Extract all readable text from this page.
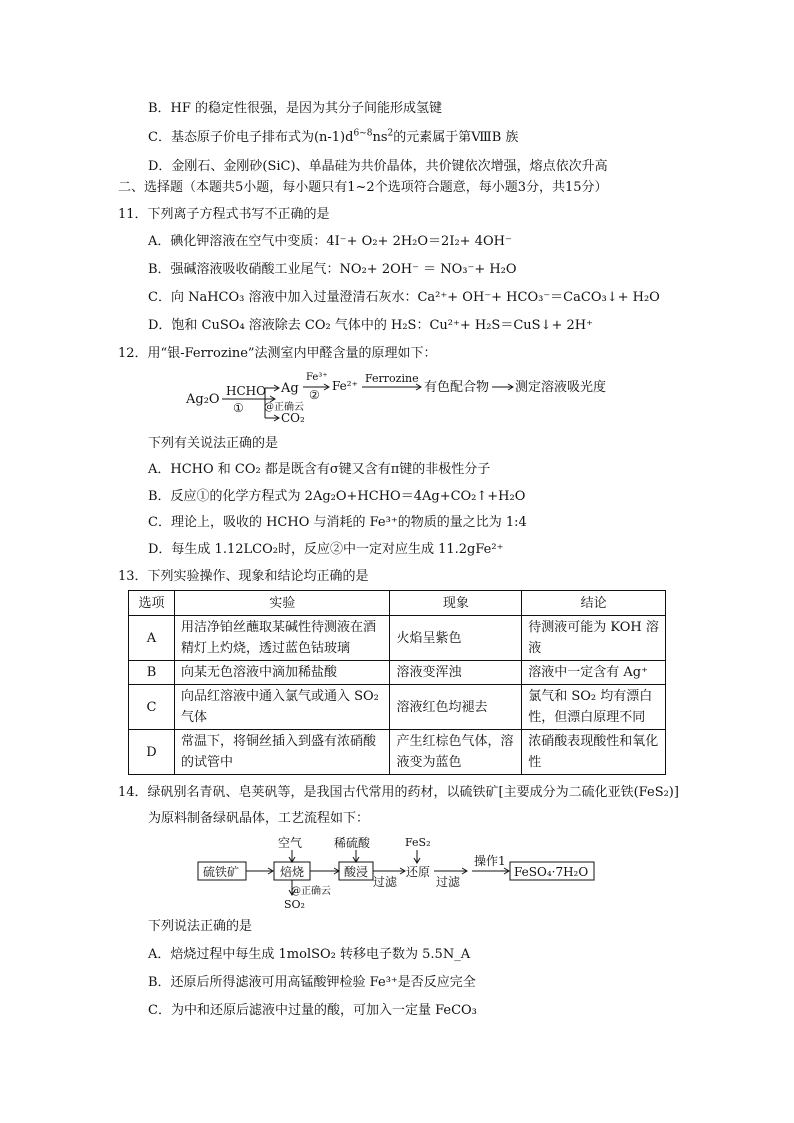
B．HF 的稳定性很强，是因为其分子间能形成氢键
C．基态原子价电子排布式为$(n-1)d^{6\sim 8}ns^2$的元素属于第ⅧB 族
D．金刚石、金刚砂(SiC)、单晶硅为共价晶体，共价键依次增强，熔点依次升高
二、选择题（本题共5小题，每小题只有1~2个选项符合题意，每小题3分，共15分）
11．下列离子方程式书写不正确的是
A．碘化钾溶液在空气中变质：4I⁻+ O₂+ 2H₂O＝2I₂+ 4OH⁻
B．强碱溶液吸收硝酸工业尾气：NO₂+ 2OH⁻ ＝ NO₃⁻+ H₂O
C．向 NaHCO₃ 溶液中加入过量澄清石灰水：Ca²⁺+ OH⁻+ HCO₃⁻＝CaCO₃↓+ H₂O
D．饱和 CuSO₄ 溶液除去 CO₂ 气体中的 H₂S：Cu²⁺+ H₂S＝CuS↓+ 2H⁺
12．用“银-Ferrozine”法测室内甲醛含量的原理如下：
Ag₂O
HCHO
①
Ag
CO₂
@正确云
Fe³⁺
②
Fe²⁺
Ferrozine
有色配合物 测定溶液吸光度
下列有关说法正确的是
A．HCHO 和 CO₂ 都是既含有σ键又含有π键的非极性分子
B．反应①的化学方程式为 2Ag₂O+HCHO＝4Ag+CO₂↑+H₂O
C．理论上，吸收的 HCHO 与消耗的 Fe³⁺的物质的量之比为 1:4
D．每生成 1.12LCO₂时，反应②中一定对应生成 11.2gFe²⁺
13．下列实验操作、现象和结论均正确的是
选项	实验	现象	结论
A	用洁净铂丝蘸取某碱性待测液在酒精灯上灼烧，透过蓝色钴玻璃	火焰呈紫色	待测液可能为 KOH 溶液
B	向某无色溶液中滴加稀盐酸	溶液变浑浊	溶液中一定含有 Ag⁺
C	向品红溶液中通入氯气或通入 SO₂ 气体	溶液红色均褪去	氯气和 SO₂ 均有漂白性，但漂白原理不同
D	常温下，将铜丝插入到盛有浓硝酸的试管中	产生红棕色气体，溶液变为蓝色	浓硝酸表现酸性和氧化性
14．绿矾别名青矾、皂荚矾等，是我国古代常用的药材，以硫铁矿[主要成分为二硫化亚铁(FeS₂)]
为原料制备绿矾晶体，工艺流程如下：
硫铁矿
空气
焙烧
SO₂
@正确云
稀硫酸
酸浸
过滤
FeS₂
还原
过滤
操作1
FeSO₄·7H₂O
下列说法正确的是
A．焙烧过程中每生成 1molSO₂ 转移电子数为 5.5N_A
B．还原后所得滤液可用高锰酸钾检验 Fe³⁺是否反应完全
C．为中和还原后滤液中过量的酸，可加入一定量 FeCO₃
